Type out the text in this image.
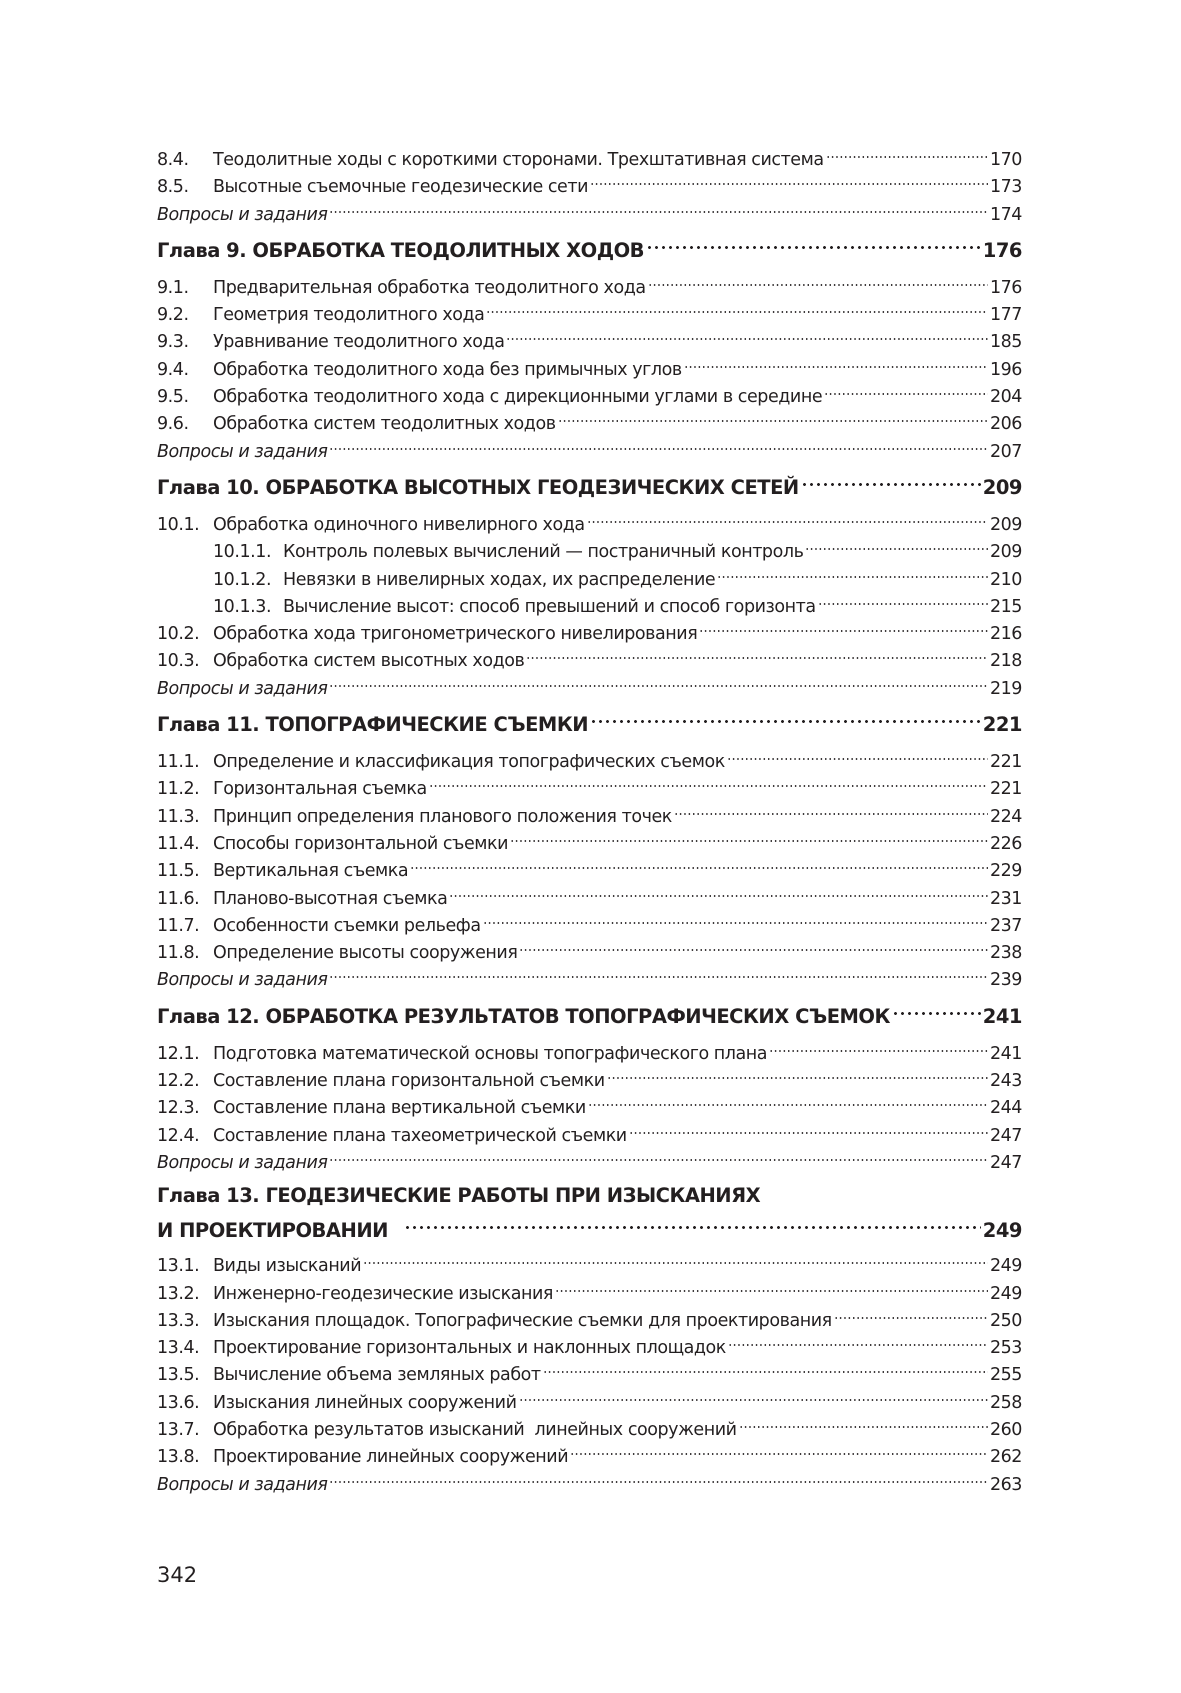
8.4.	Теодолитные ходы с короткими сторонами. Трехштативная система	170
8.5.	Высотные съемочные геодезические сети	173
Вопросы и задания	174
Глава 9. ОБРАБОТКА ТЕОДОЛИТНЫХ ХОДОВ	176
9.1.	Предварительная обработка теодолитного хода	176
9.2.	Геометрия теодолитного хода	177
9.3.	Уравнивание теодолитного хода	185
9.4.	Обработка теодолитного хода без примычных углов	196
9.5.	Обработка теодолитного хода с дирекционными углами в середине	204
9.6.	Обработка систем теодолитных ходов	206
Вопросы и задания	207
Глава 10. ОБРАБОТКА ВЫСОТНЫХ ГЕОДЕЗИЧЕСКИХ СЕТЕЙ	209
10.1. Обработка одиночного нивелирного хода	209
10.1.1. Контроль полевых вычислений — постраничный контроль	209
10.1.2. Невязки в нивелирных ходах, их распределение	210
10.1.3. Вычисление высот: способ превышений и способ горизонта	215
10.2. Обработка хода тригонометрического нивелирования	216
10.3. Обработка систем высотных ходов	218
Вопросы и задания	219
Глава 11. ТОПОГРАФИЧЕСКИЕ СЪЕМКИ	221
11.1. Определение и классификация топографических съемок	221
11.2. Горизонтальная съемка	221
11.3. Принцип определения планового положения точек	224
11.4. Способы горизонтальной съемки	226
11.5. Вертикальная съемка	229
11.6. Планово-высотная съемка	231
11.7. Особенности съемки рельефа	237
11.8. Определение высоты сооружения	238
Вопросы и задания	239
Глава 12. ОБРАБОТКА РЕЗУЛЬТАТОВ ТОПОГРАФИЧЕСКИХ СЪЕМОК	241
12.1. Подготовка математической основы топографического плана	241
12.2. Составление плана горизонтальной съемки	243
12.3. Составление плана вертикальной съемки	244
12.4. Составление плана тахеометрической съемки	247
Вопросы и задания	247
Глава 13. ГЕОДЕЗИЧЕСКИЕ РАБОТЫ ПРИ ИЗЫСКАНИЯХ
И ПРОЕКТИРОВАНИИ	249
13.1. Виды изысканий	249
13.2. Инженерно-геодезические изыскания	249
13.3. Изыскания площадок. Топографические съемки для проектирования	250
13.4. Проектирование горизонтальных и наклонных площадок	253
13.5. Вычисление объема земляных работ	255
13.6. Изыскания линейных сооружений	258
13.7. Обработка результатов изысканий  линейных сооружений	260
13.8. Проектирование линейных сооружений	262
Вопросы и задания	263
342
